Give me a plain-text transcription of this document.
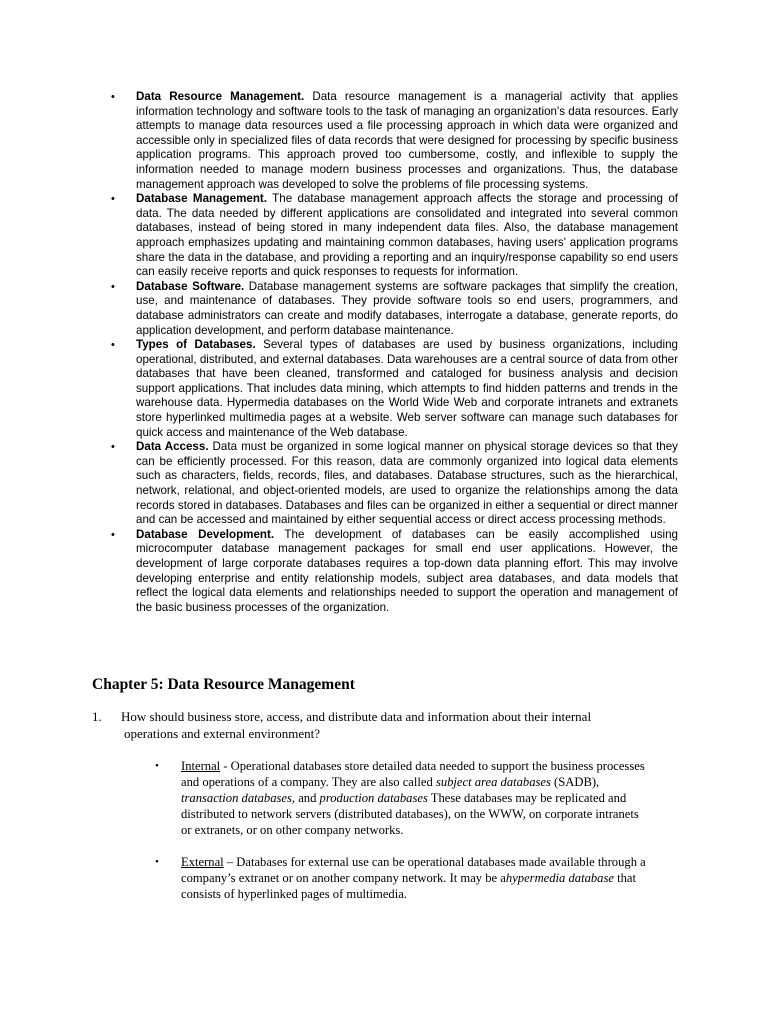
• Data Resource Management. Data resource management is a managerial activity that applies information technology and software tools to the task of managing an organization's data resources. Early attempts to manage data resources used a file processing approach in which data were organized and accessible only in specialized files of data records that were designed for processing by specific business application programs. This approach proved too cumbersome, costly, and inflexible to supply the information needed to manage modern business processes and organizations. Thus, the database management approach was developed to solve the problems of file processing systems.
• Database Management. The database management approach affects the storage and processing of data. The data needed by different applications are consolidated and integrated into several common databases, instead of being stored in many independent data files. Also, the database management approach emphasizes updating and maintaining common databases, having users' application programs share the data in the database, and providing a reporting and an inquiry/response capability so end users can easily receive reports and quick responses to requests for information.
• Database Software. Database management systems are software packages that simplify the creation, use, and maintenance of databases. They provide software tools so end users, programmers, and database administrators can create and modify databases, interrogate a database, generate reports, do application development, and perform database maintenance.
• Types of Databases. Several types of databases are used by business organizations, including operational, distributed, and external databases. Data warehouses are a central source of data from other databases that have been cleaned, transformed and cataloged for business analysis and decision support applications. That includes data mining, which attempts to find hidden patterns and trends in the warehouse data. Hypermedia databases on the World Wide Web and corporate intranets and extranets store hyperlinked multimedia pages at a website. Web server software can manage such databases for quick access and maintenance of the Web database.
• Data Access. Data must be organized in some logical manner on physical storage devices so that they can be efficiently processed. For this reason, data are commonly organized into logical data elements such as characters, fields, records, files, and databases. Database structures, such as the hierarchical, network, relational, and object-oriented models, are used to organize the relationships among the data records stored in databases. Databases and files can be organized in either a sequential or direct manner and can be accessed and maintained by either sequential access or direct access processing methods.
• Database Development. The development of databases can be easily accomplished using microcomputer database management packages for small end user applications. However, the development of large corporate databases requires a top-down data planning effort. This may involve developing enterprise and entity relationship models, subject area databases, and data models that reflect the logical data elements and relationships needed to support the operation and management of the basic business processes of the organization.
Chapter 5: Data Resource Management
1. How should business store, access, and distribute data and information about their internal
operations and external environment?
• Internal - Operational databases store detailed data needed to support the business processes and operations of a company. They are also called subject area databases (SADB), transaction databases, and production databases These databases may be replicated and distributed to network servers (distributed databases), on the WWW, on corporate intranets or extranets, or on other company networks.
• External – Databases for external use can be operational databases made available through a company’s extranet or on another company network. It may be ahypermedia database that consists of hyperlinked pages of multimedia.
